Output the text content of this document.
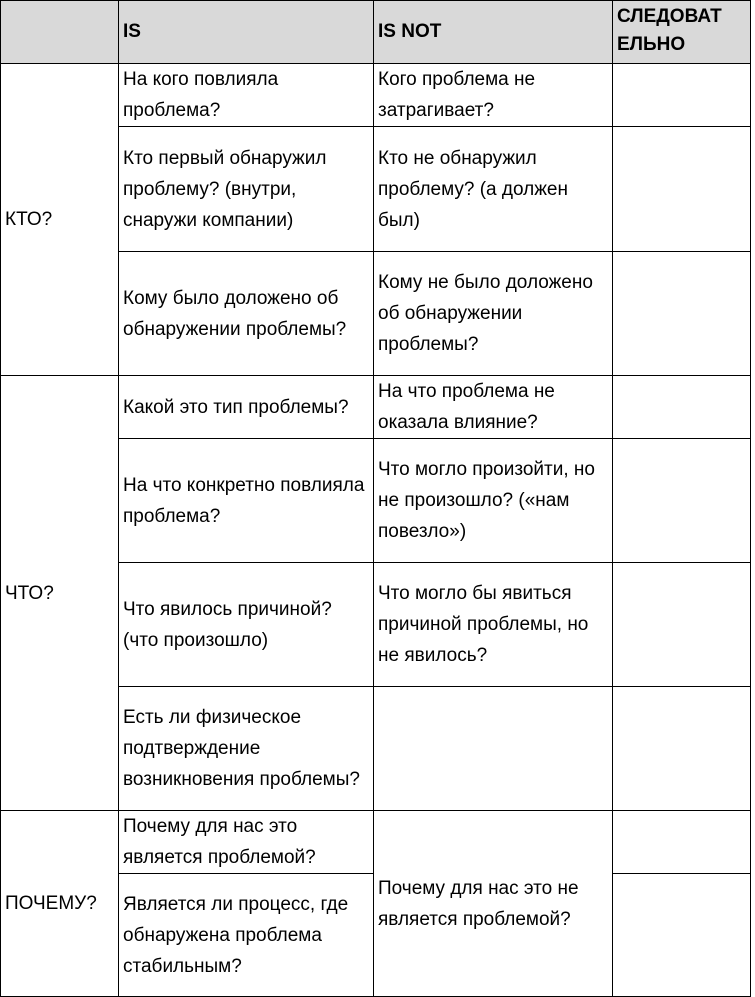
	IS	IS NOT	СЛЕДОВАТ ЕЛЬНО
КТО?	На кого повлияла проблема?	Кого проблема не затрагивает?	
	Кто первый обнаружил проблему? (внутри, снаружи компании)	Кто не обнаружил проблему? (а должен был)	
	Кому было доложено об обнаружении проблемы?	Кому не было доложено об обнаружении проблемы?	
ЧТО?	Какой это тип проблемы?	На что проблема не оказала влияние?	
	На что конкретно повлияла проблема?	Что могло произойти, но не произошло? («нам повезло»)	
	Что явилось причиной? (что произошло)	Что могло бы явиться причиной проблемы, но не явилось?	
	Есть ли физическое подтверждение возникновения проблемы?		
ПОЧЕМУ?	Почему для нас это является проблемой?	Почему для нас это не является проблемой?	
	Является ли процесс, где обнаружена проблема стабильным?		
